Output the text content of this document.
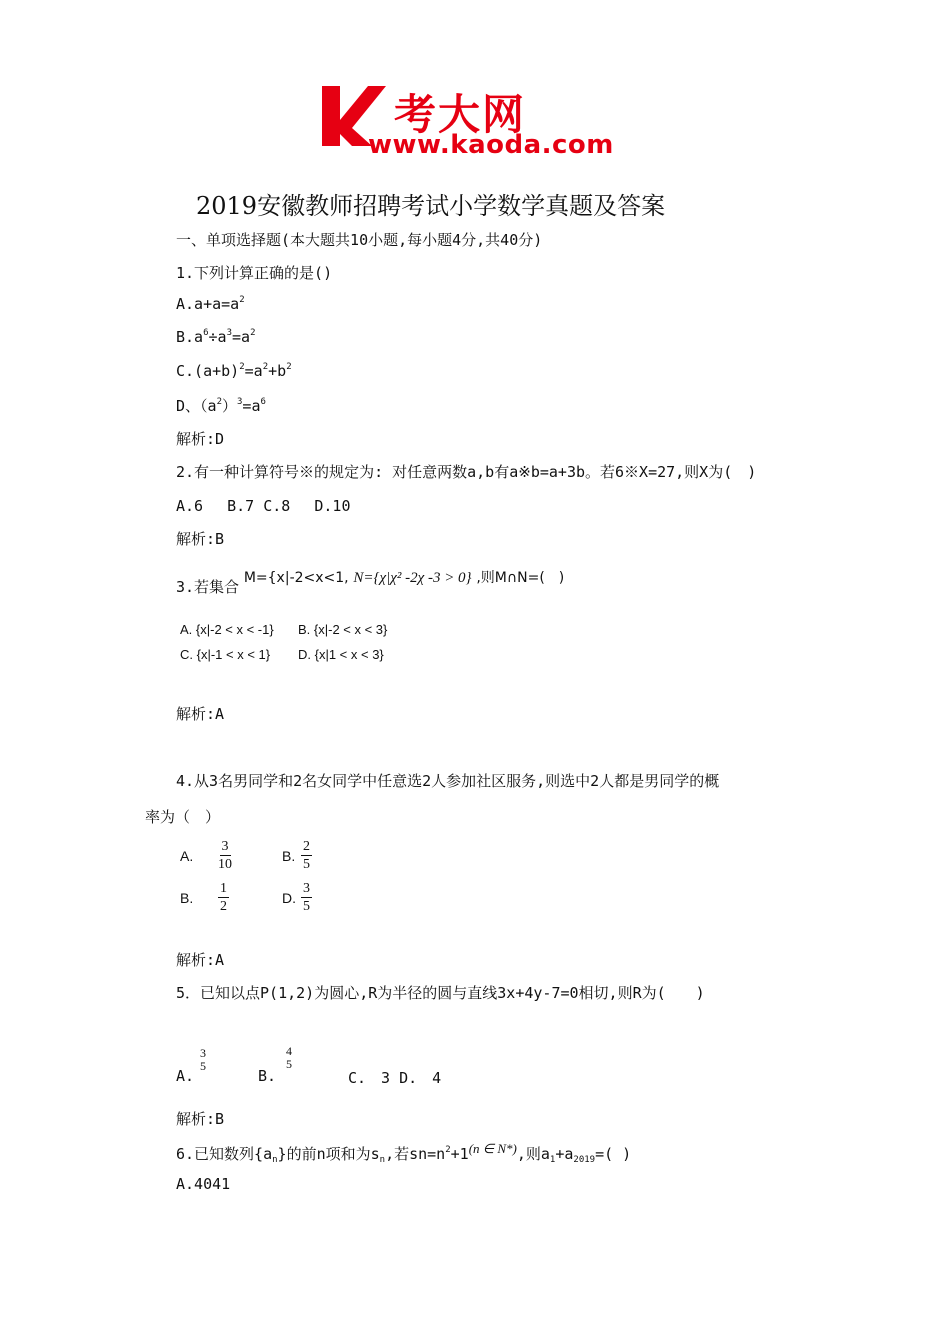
考大网
www.kaoda.com
2019安徽教师招聘考试小学数学真题及答案
一、单项选择题(本大题共10小题,每小题4分,共40分)
1.下列计算正确的是()
$A.a+a=a^2$
$B.a^6\div a^3=a^2$
$C.(a+b)^2=a^2+b^2$
D、$(a^2)^3=a^6$
解析:D
2.有一种计算符号※的规定为: 对任意两数a,b有a※b=a+3b。若6※X=27,则X为(　)
A.6　 B.7 C.8　 D.10
解析:B
3.若集合 M={x|-2<x<1, N={χ|χ² -2χ -3 > 0} ,则M∩N=(　)
A. {x|-2 < x < -1} B. {x|-2 < x < 3}
C. {x|-1 < x < 1} D. {x|1 < x < 3}
解析:A
4.从3名男同学和2名女同学中任意选2人参加社区服务,则选中2人都是男同学的概
率为（　）
A. $\frac{3}{10}$	B. $\frac{2}{5}$
B. $\frac{1}{2}$	D. $\frac{3}{5}$
解析:A
5．已知以点P(1,2)为圆心,R为半径的圆与直线3x+4y-7=0相切,则R为(　　)
A.
3
5
B.
4
5
C.　3 D.　4
解析:B
6.已知数列$\{a_n\}$的前n项和为$s_n$,若$sn=n^2+1(n$ ∈ N*),则$a_1+a_{2019}=$( )
A.4041
